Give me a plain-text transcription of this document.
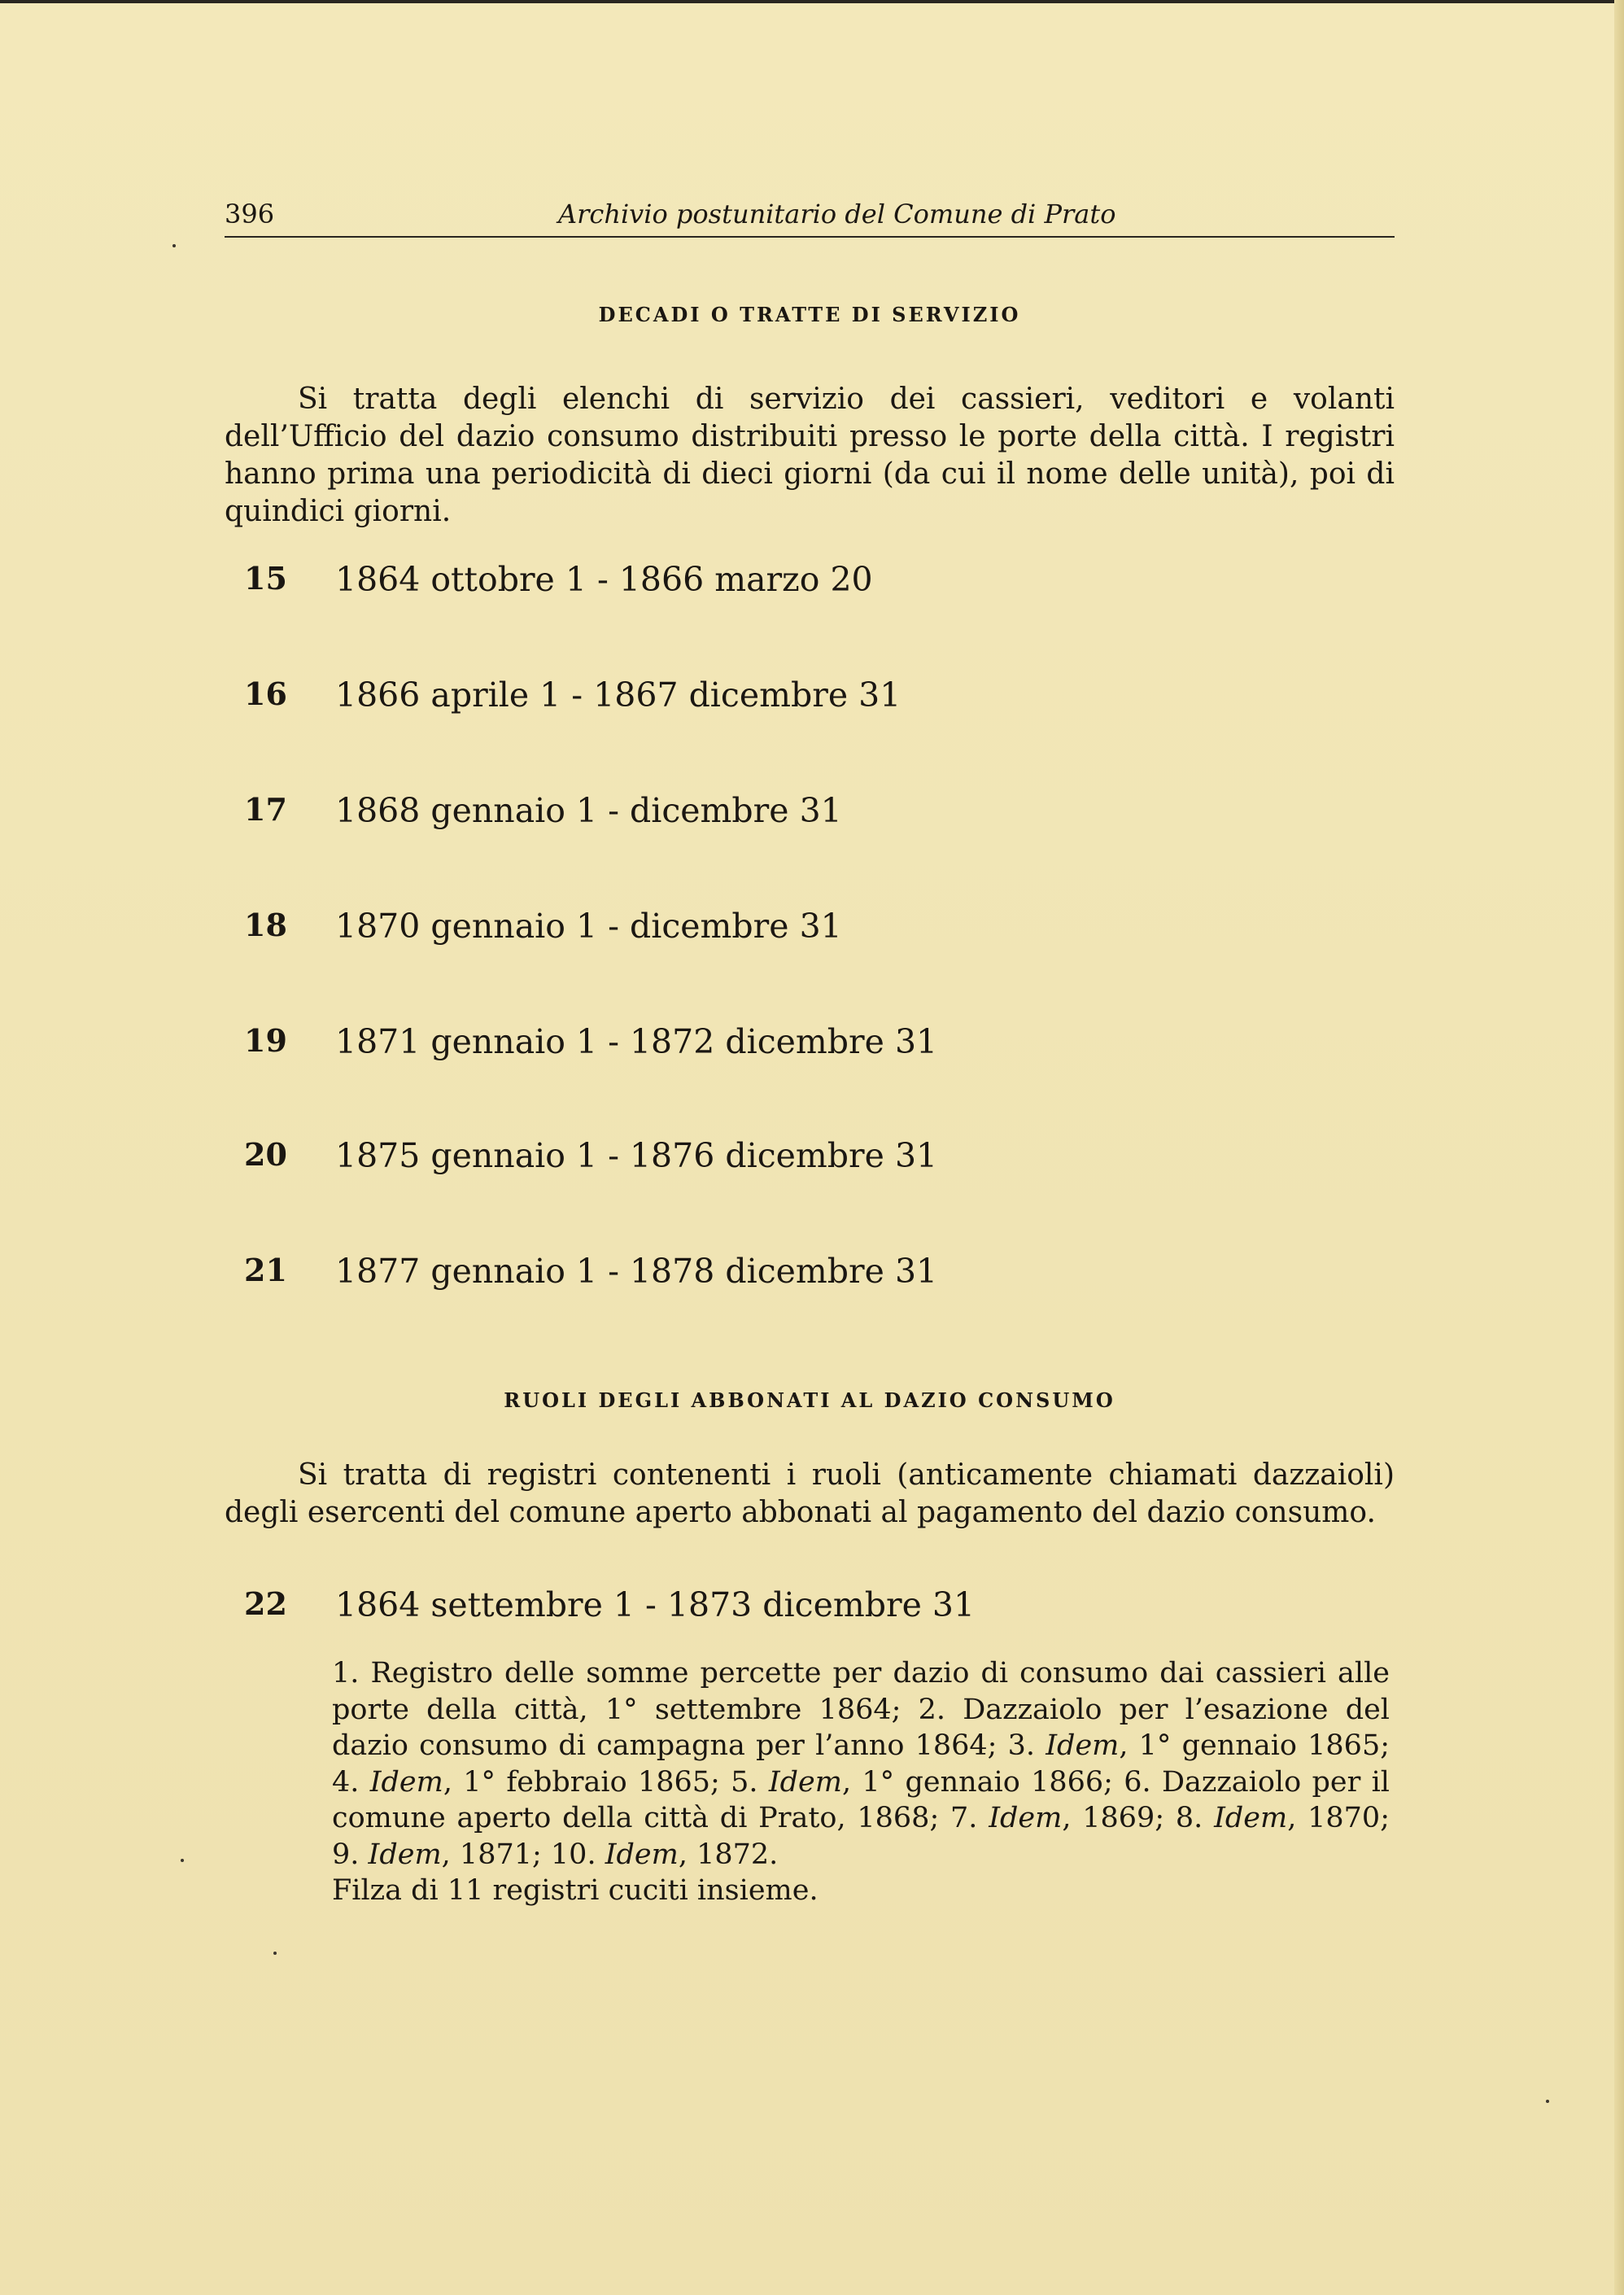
396	Archivio postunitario del Comune di Prato
DECADI O TRATTE DI SERVIZIO

Si tratta degli elenchi di servizio dei cassieri, veditori e volanti dell’Ufficio del dazio consumo distribuiti presso le porte della città. I registri hanno prima una periodicità di dieci giorni (da cui il nome delle unità), poi di quindici giorni.

15	1864 ottobre 1 - 1866 marzo 20
16	1866 aprile 1 - 1867 dicembre 31
17	1868 gennaio 1 - dicembre 31
18	1870 gennaio 1 - dicembre 31
19	1871 gennaio 1 - 1872 dicembre 31
20	1875 gennaio 1 - 1876 dicembre 31
21	1877 gennaio 1 - 1878 dicembre 31
RUOLI DEGLI ABBONATI AL DAZIO CONSUMO

Si tratta di registri contenenti i ruoli (anticamente chiamati dazzaioli) degli esercenti del comune aperto abbonati al pagamento del dazio consumo.

22	1864 settembre 1 - 1873 dicembre 31

1. Registro delle somme percette per dazio di consumo dai cassieri alle porte della città, 1° settembre 1864; 2. Dazzaiolo per l’esazione del dazio consumo di campagna per l’anno 1864; 3. Idem, 1° gennaio 1865; 4. Idem, 1° febbraio 1865; 5. Idem, 1° gennaio 1866; 6. Dazzaiolo per il comune aperto della città di Prato, 1868; 7. Idem, 1869; 8. Idem, 1870; 9. Idem, 1871; 10. Idem, 1872.

Filza di 11 registri cuciti insieme.
